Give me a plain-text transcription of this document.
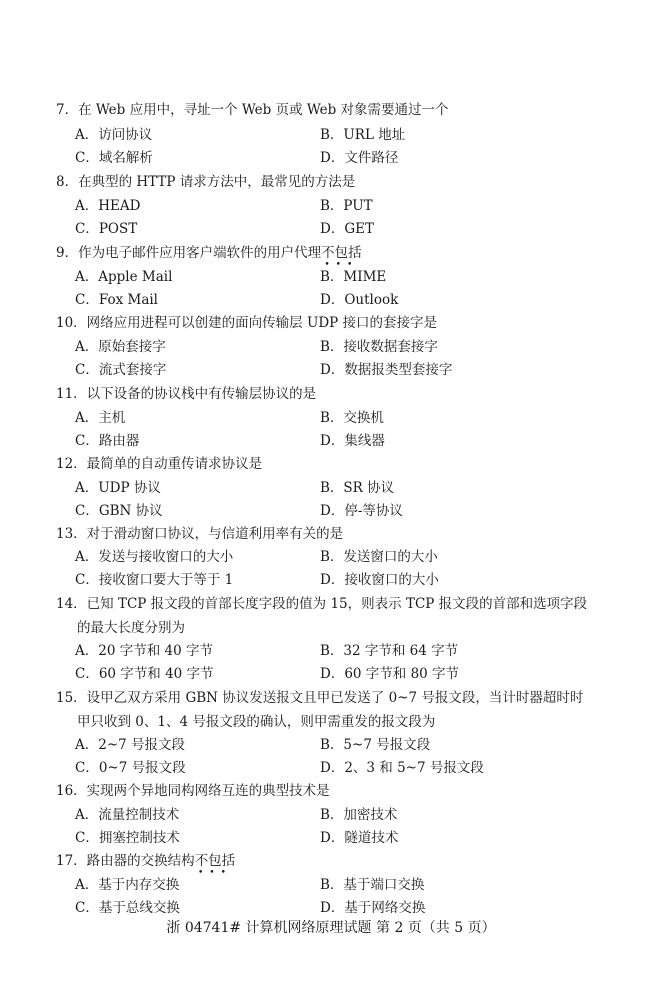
7．在 Web 应用中，寻址一个 Web 页或 Web 对象需要通过一个
A．访问协议	B．URL 地址
C．域名解析	D．文件路径
8．在典型的 HTTP 请求方法中，最常见的方法是
A．HEAD	B．PUT
C．POST	D．GET
9．作为电子邮件应用客户端软件的用户代理不包括
•••
A．Apple Mail	B．MIME
C．Fox Mail	D．Outlook
10．网络应用进程可以创建的面向传输层 UDP 接口的套接字是
A．原始套接字	B．接收数据套接字
C．流式套接字	D．数据报类型套接字
11．以下设备的协议栈中有传输层协议的是
A．主机	B．交换机
C．路由器	D．集线器
12．最简单的自动重传请求协议是
A．UDP 协议	B．SR 协议
C．GBN 协议	D．停-等协议
13．对于滑动窗口协议，与信道利用率有关的是
A．发送与接收窗口的大小	B．发送窗口的大小
C．接收窗口要大于等于 1	D．接收窗口的大小
14．已知 TCP 报文段的首部长度字段的值为 15，则表示 TCP 报文段的首部和选项字段
的最大长度分别为
A．20 字节和 40 字节	B．32 字节和 64 字节
C．60 字节和 40 字节	D．60 字节和 80 字节
15．设甲乙双方采用 GBN 协议发送报文且甲已发送了 0~7 号报文段，当计时器超时时
甲只收到 0、1、4 号报文段的确认，则甲需重发的报文段为
A．2~7 号报文段	B．5~7 号报文段
C．0~7 号报文段	D．2、3 和 5~7 号报文段
16．实现两个异地同构网络互连的典型技术是
A．流量控制技术	B．加密技术
C．拥塞控制技术	D．隧道技术
17．路由器的交换结构不包括
•••
A．基于内存交换	B．基于端口交换
C．基于总线交换	D．基于网络交换
浙 04741# 计算机网络原理试题 第 2 页（共 5 页）
